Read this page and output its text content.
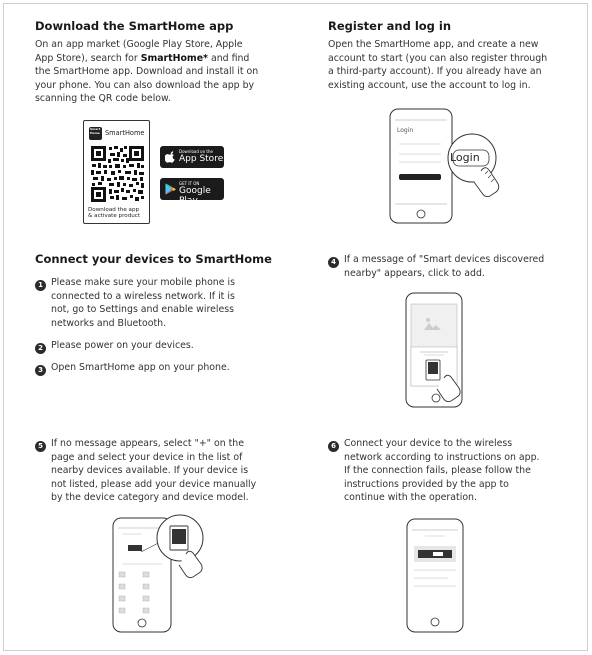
Download the SmartHome app
On an app market (Google Play Store, Apple
App Store), search for SmartHome* and find
the SmartHome app. Download and install it on
your phone. You can also download the app by
scanning the QR code below.
Smart Home SmartHome
Download the app
& activate product
Download on the
App Store
GET IT ON
Google Play
Register and log in
Open the SmartHome app, and create a new
account to start (you can also register through
a third-party account). If you already have an
existing account, use the account to log in.
Login
Login
Connect your devices to SmartHome
1 Please make sure your mobile phone is
connected to a wireless network. If it is
not, go to Settings and enable wireless
networks and Bluetooth.
2 Please power on your devices.
3 Open SmartHome app on your phone.
4 If a message of "Smart devices discovered
nearby" appears, click to add.
5 If no message appears, select "+" on the
page and select your device in the list of
nearby devices available. If your device is
not listed, please add your device manually
by the device category and device model.
6 Connect your device to the wireless
network according to instructions on app.
If the connection fails, please follow the
instructions provided by the app to
continue with the operation.
